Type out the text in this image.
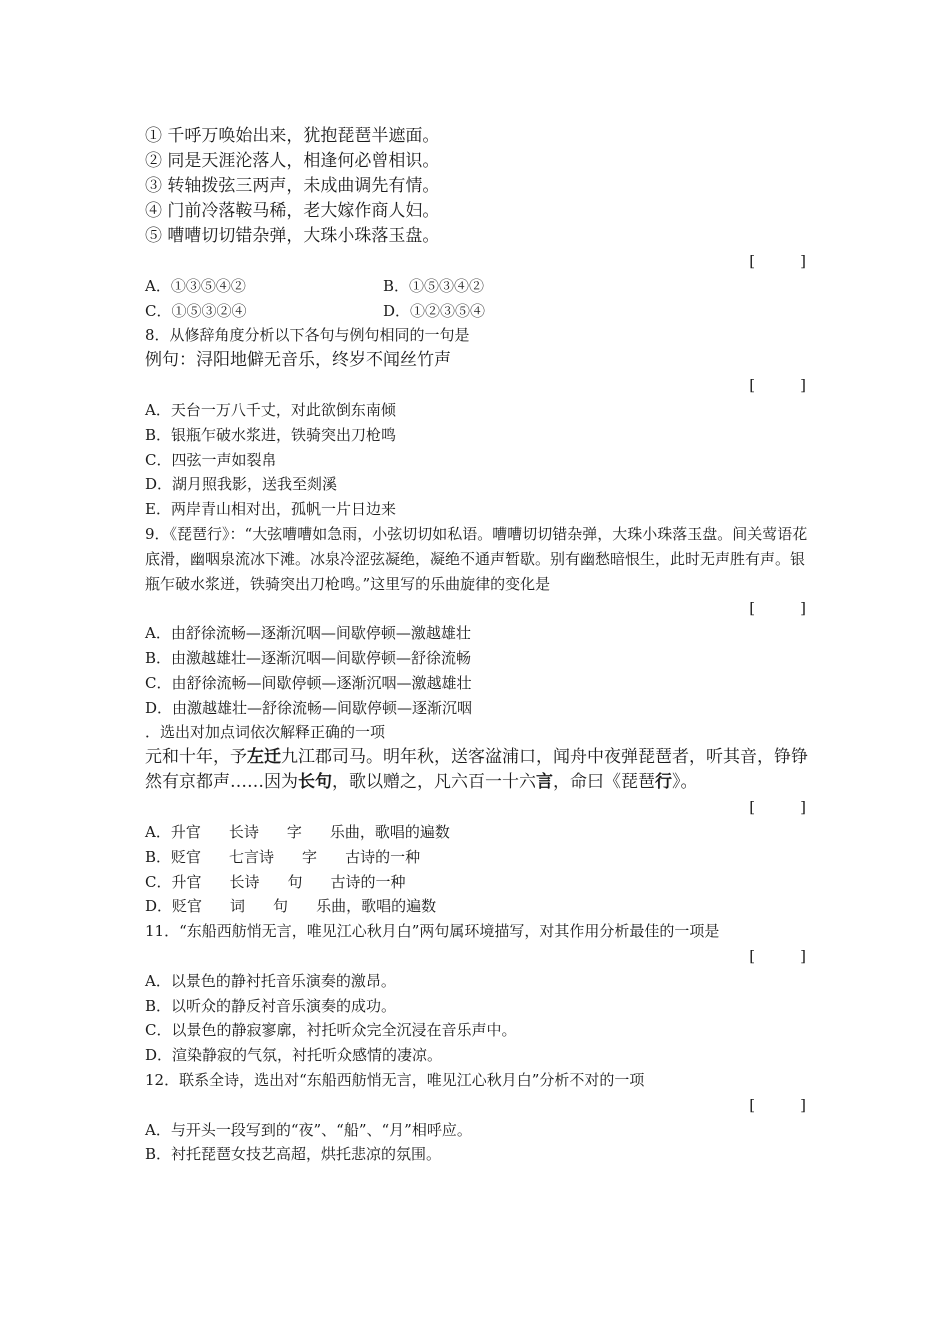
① 千呼万唤始出来，犹抱琵琶半遮面。
② 同是天涯沦落人，相逢何必曾相识。
③ 转轴拨弦三两声，未成曲调先有情。
④ 门前冷落鞍马稀，老大嫁作商人妇。
⑤ 嘈嘈切切错杂弹，大珠小珠落玉盘。
[　　　]
A．①③⑤④②	B．①⑤③④②
C．①⑤③②④	D．①②③⑤④
8．从修辞角度分析以下各句与例句相同的一句是
例句：浔阳地僻无音乐，终岁不闻丝竹声
[　　　]
A．天台一万八千丈，对此欲倒东南倾
B．银瓶乍破水浆进，铁骑突出刀枪鸣
C．四弦一声如裂帛
D．湖月照我影，送我至剡溪
E．两岸青山相对出，孤帆一片日边来
9．《琵琶行》：“大弦嘈嘈如急雨，小弦切切如私语。嘈嘈切切错杂弹，大珠小珠落玉盘。间关莺语花底滑，幽咽泉流冰下滩。冰泉冷涩弦凝绝，凝绝不通声暂歇。别有幽愁暗恨生，此时无声胜有声。银瓶乍破水浆迸，铁骑突出刀枪鸣。”这里写的乐曲旋律的变化是
[　　　]
A．由舒徐流畅—逐渐沉咽—间歇停顿—激越雄壮
B．由激越雄壮—逐渐沉咽—间歇停顿—舒徐流畅
C．由舒徐流畅—间歇停顿—逐渐沉咽—激越雄壮
D．由激越雄壮—舒徐流畅—间歇停顿—逐渐沉咽
．选出对加点词依次解释正确的一项
元和十年，予左迁九江郡司马。明年秋，送客湓浦口，闻舟中夜弹琵琶者，听其音，铮铮然有京都声……因为长句，歌以赠之，凡六百一十六言，命曰《琵琶行》。
[　　　]
A．升官 长诗 字 乐曲，歌唱的遍数
B．贬官 七言诗 字 古诗的一种
C．升官 长诗 句 古诗的一种
D．贬官 词 句 乐曲，歌唱的遍数
11．“东船西舫悄无言，唯见江心秋月白”两句属环境描写，对其作用分析最佳的一项是
[　　　]
A．以景色的静衬托音乐演奏的激昂。
B．以听众的静反衬音乐演奏的成功。
C．以景色的静寂寥廓，衬托听众完全沉浸在音乐声中。
D．渲染静寂的气氛，衬托听众感情的凄凉。
12．联系全诗，选出对“东船西舫悄无言，唯见江心秋月白”分析不对的一项
[　　　]
A．与开头一段写到的“夜”、“船”、“月”相呼应。
B．衬托琵琶女技艺高超，烘托悲凉的氛围。
